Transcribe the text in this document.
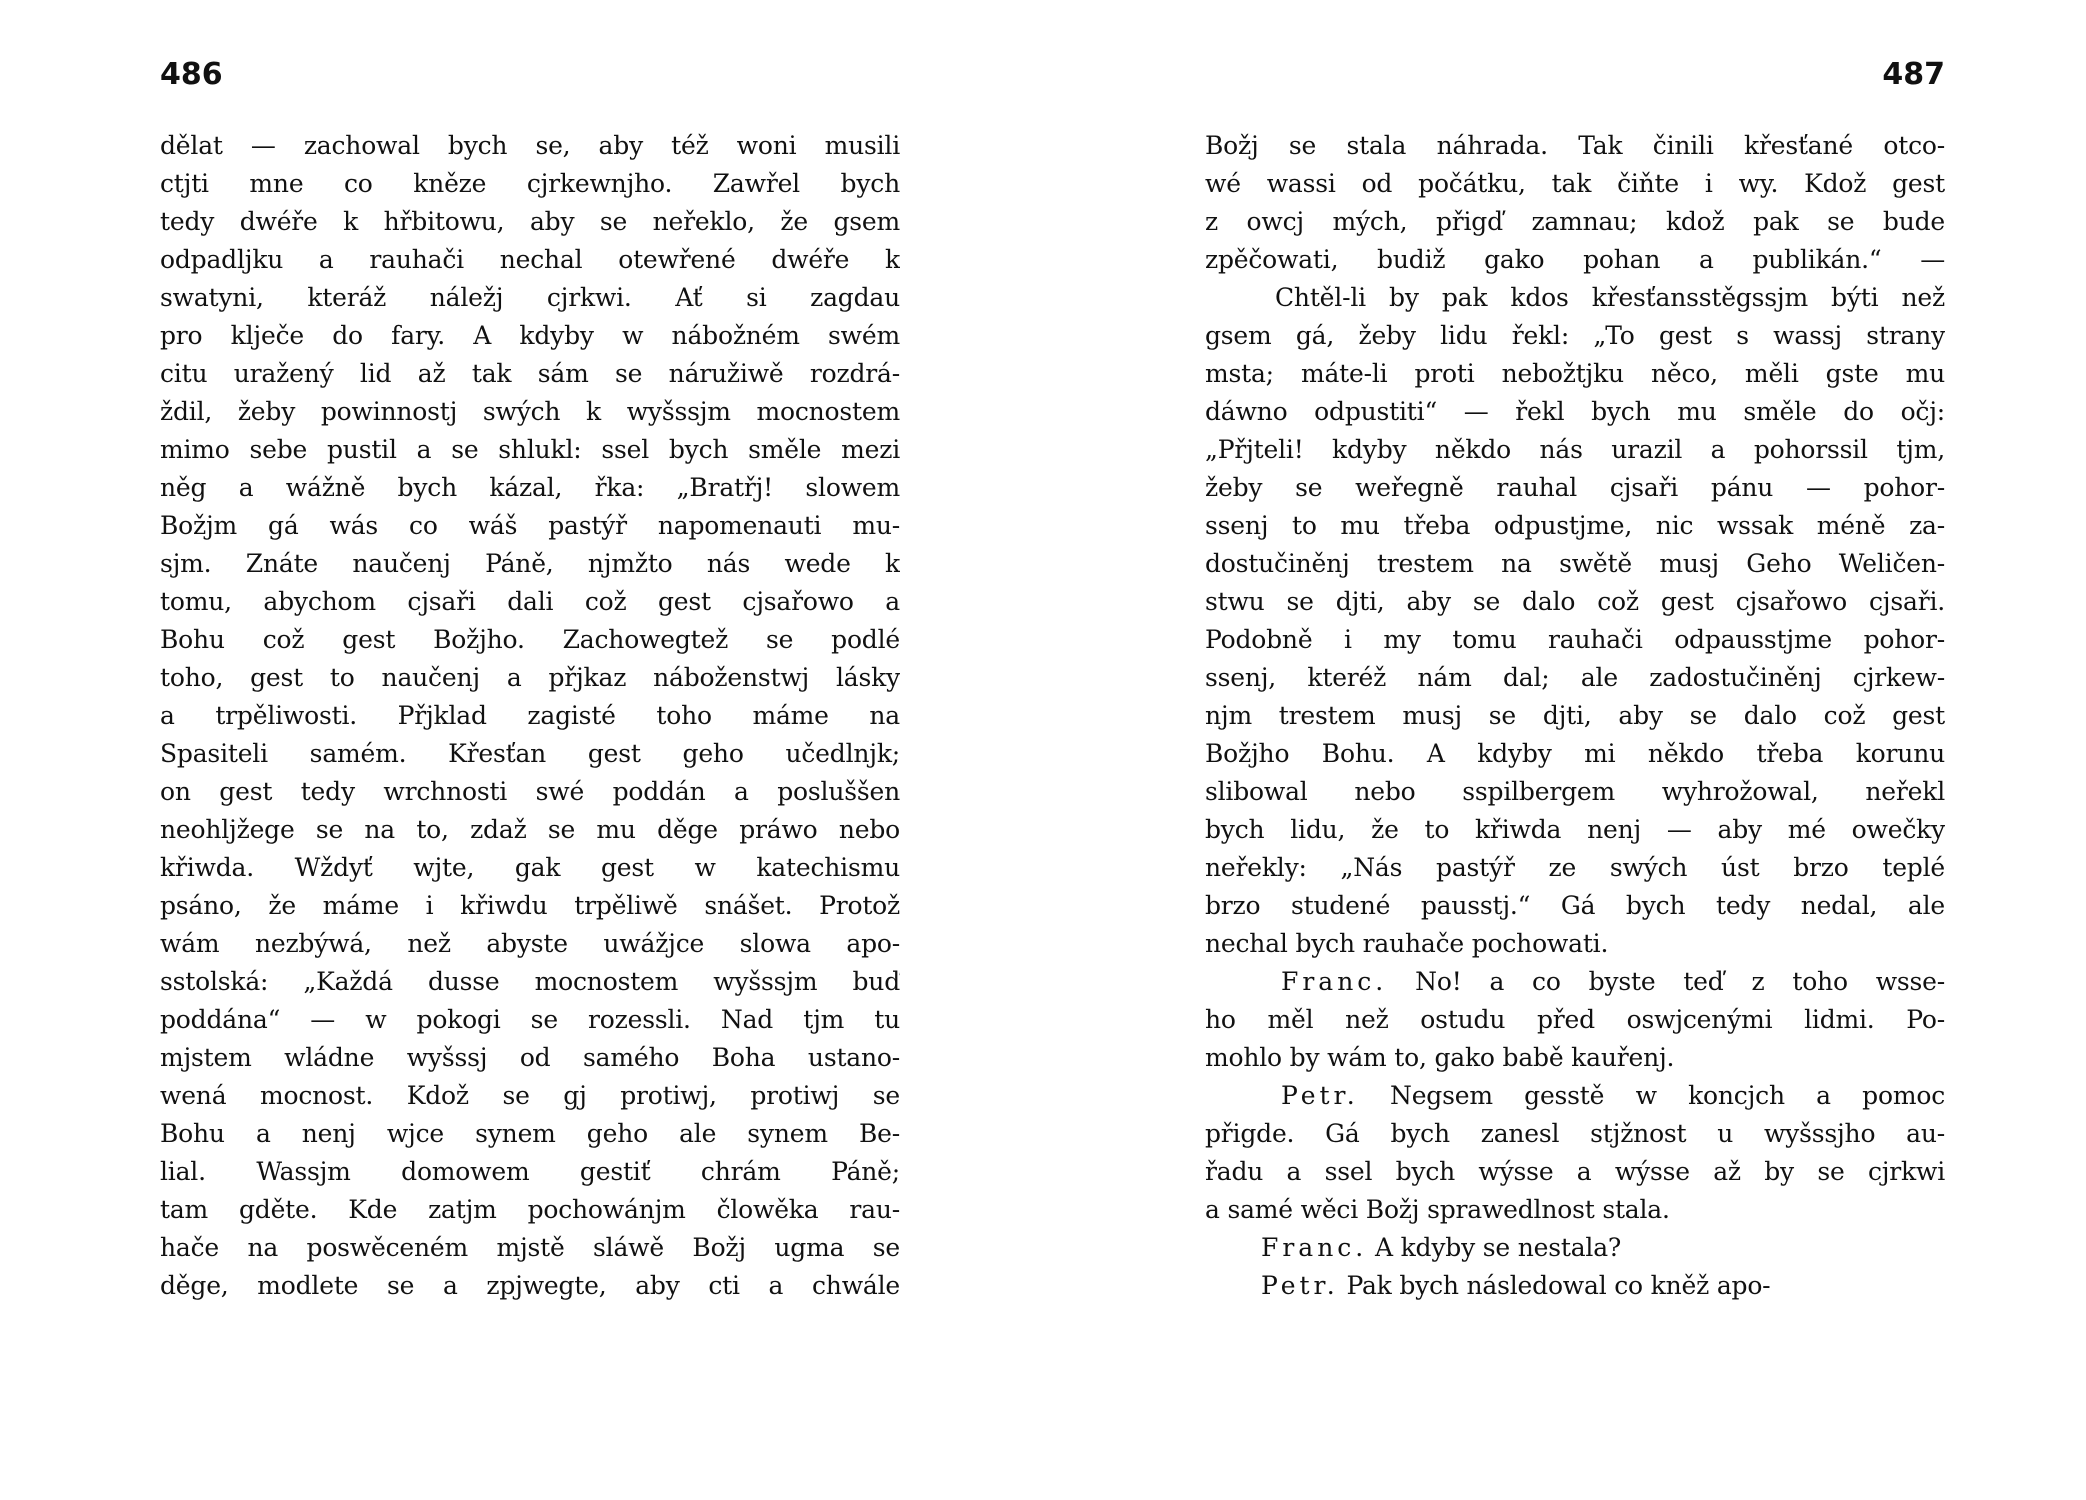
486
dělat — zachowal bych se, aby též woni musili
ctjti mne co kněze cjrkewnjho. Zawřel bych
tedy dwéře k hřbitowu, aby se neřeklo, že gsem
odpadljku a rauhači nechal otewřené dwéře k
swatyni, kteráž náležj cjrkwi. Ať si zagdau
pro klječe do fary. A kdyby w nábožném swém
citu uražený lid až tak sám se náružiwě rozdrá-
ždil, žeby powinnostj swých k wyšssjm mocnostem
mimo sebe pustil a se shlukl: ssel bych směle mezi
něg a wážně bych kázal, řka: „Bratřj! slowem
Božjm gá wás co wáš pastýř napomenauti mu-
sjm. Znáte naučenj Páně, njmžto nás wede k
tomu, abychom cjsaři dali což gest cjsařowo a
Bohu což gest Božjho. Zachowegtež se podlé
toho, gest to naučenj a přjkaz náboženstwj lásky
a trpěliwosti. Přjklad zagisté toho máme na
Spasiteli samém. Křesťan gest geho učedlnjk;
on gest tedy wrchnosti swé poddán a posluššen
neohljžege se na to, zdaž se mu děge práwo nebo
křiwda. Wždyť wjte, gak gest w katechismu
psáno, že máme i křiwdu trpěliwě snášet. Protož
wám nezbýwá, než abyste uwážjce slowa apo-
sstolská: „Každá dusse mocnostem wyšssjm buď
poddána“ — w pokogi se rozessli. Nad tjm tu
mjstem wládne wyšssj od samého Boha ustano-
wená mocnost. Kdož se gj protiwj, protiwj se
Bohu a nenj wjce synem geho ale synem Be-
lial. Wassjm domowem gestiť chrám Páně;
tam gděte. Kde zatjm pochowánjm člowěka rau-
hače na poswěceném mjstě sláwě Božj ugma se
děge, modlete se a zpjwegte, aby cti a chwále
487
Božj se stala náhrada. Tak činili křesťané otco-
wé wassi od počátku, tak čiňte i wy. Kdož gest
z owcj mých, přigď zamnau; kdož pak se bude
zpěčowati, budiž gako pohan a publikán.“ —
Chtěl-li by pak kdos křesťansstěgssjm býti než
gsem gá, žeby lidu řekl: „To gest s wassj strany
msta; máte-li proti nebožtjku něco, měli gste mu
dáwno odpustiti“ — řekl bych mu směle do očj:
„Přjteli! kdyby někdo nás urazil a pohorssil tjm,
žeby se weřegně rauhal cjsaři pánu — pohor-
ssenj to mu třeba odpustjme, nic wssak méně za-
dostučiněnj trestem na swětě musj Geho Weličen-
stwu se djti, aby se dalo což gest cjsařowo cjsaři.
Podobně i my tomu rauhači odpausstjme pohor-
ssenj, kteréž nám dal; ale zadostučiněnj cjrkew-
njm trestem musj se djti, aby se dalo což gest
Božjho Bohu. A kdyby mi někdo třeba korunu
slibowal nebo sspilbergem wyhrožowal, neřekl
bych lidu, že to křiwda nenj — aby mé owečky
neřekly: „Nás pastýř ze swých úst brzo teplé
brzo studené pausstj.“ Gá bych tedy nedal, ale
nechal bych rauhače pochowati.
Franc. No! a co byste teď z toho wsse-
ho měl než ostudu před oswjcenými lidmi. Po-
mohlo by wám to, gako babě kauřenj.
Petr. Negsem gesstě w koncjch a pomoc
přigde. Gá bych zanesl stjžnost u wyšssjho au-
řadu a ssel bych wýsse a wýsse až by se cjrkwi
a samé wěci Božj sprawedlnost stala.
Franc. A kdyby se nestala?
Petr. Pak bych následowal co kněž apo-
